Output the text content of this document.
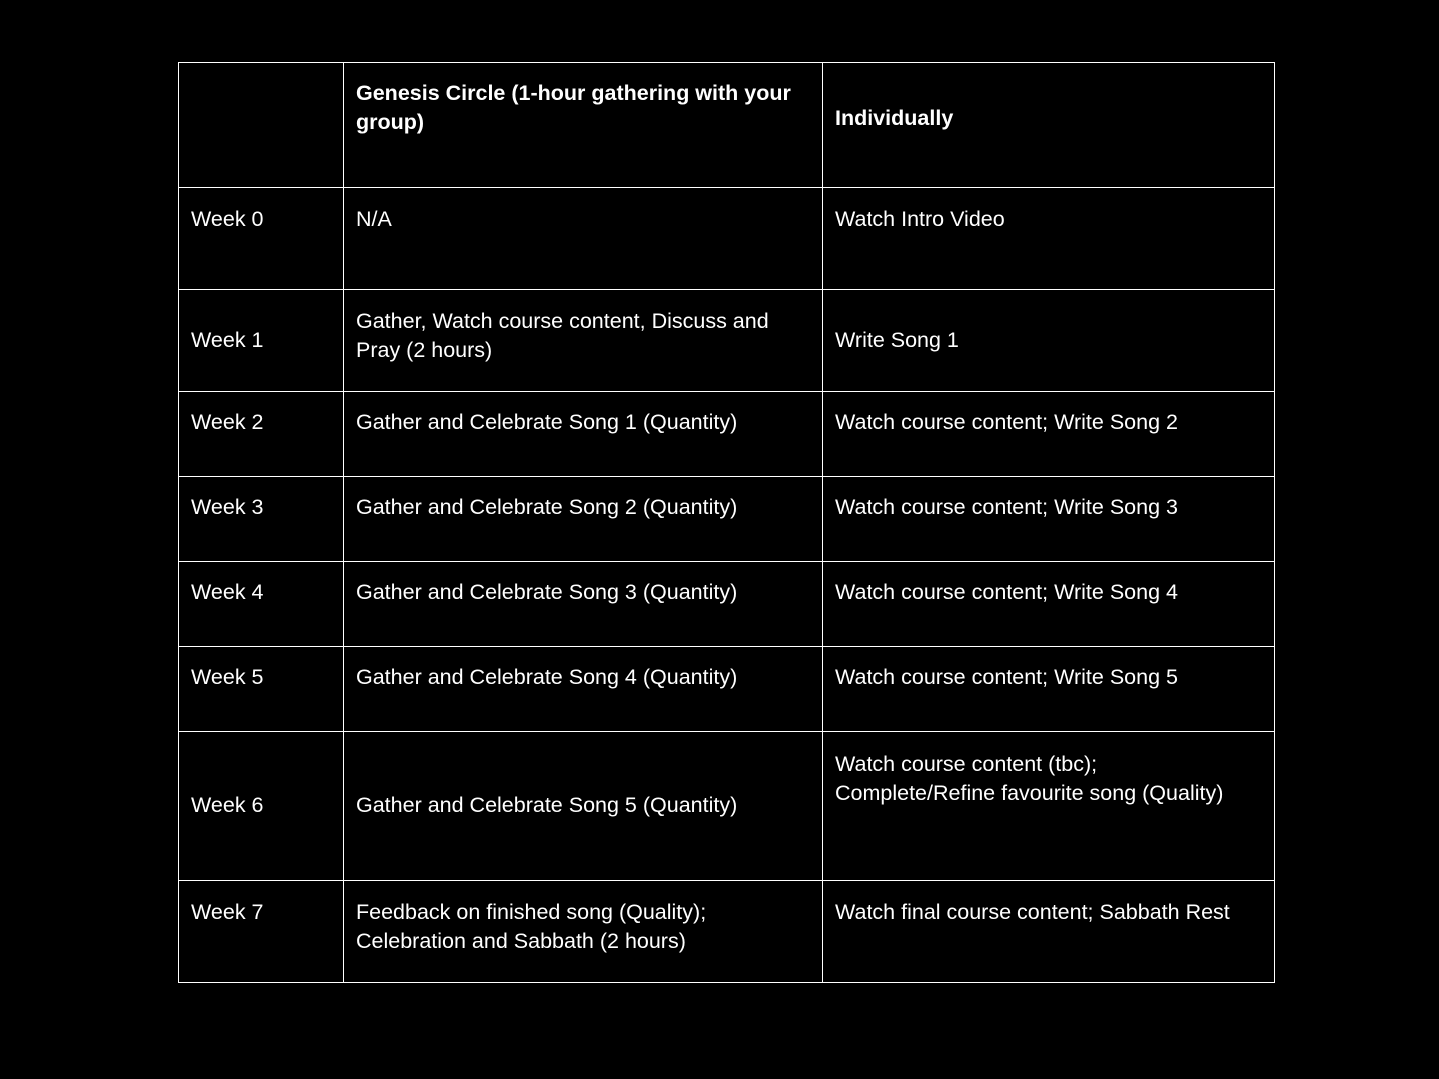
	Genesis Circle (1-hour gathering with your group)	Individually
Week 0	N/A	Watch Intro Video
Week 1	Gather, Watch course content, Discuss and Pray (2 hours)	Write Song 1
Week 2	Gather and Celebrate Song 1 (Quantity)	Watch course content; Write Song 2
Week 3	Gather and Celebrate Song 2 (Quantity)	Watch course content; Write Song 3
Week 4	Gather and Celebrate Song 3 (Quantity)	Watch course content; Write Song 4
Week 5	Gather and Celebrate Song 4 (Quantity)	Watch course content; Write Song 5
Week 6	Gather and Celebrate Song 5 (Quantity)	Watch course content (tbc); Complete/Refine favourite song (Quality)
Week 7	Feedback on finished song (Quality); Celebration and Sabbath (2 hours)	Watch final course content; Sabbath Rest
